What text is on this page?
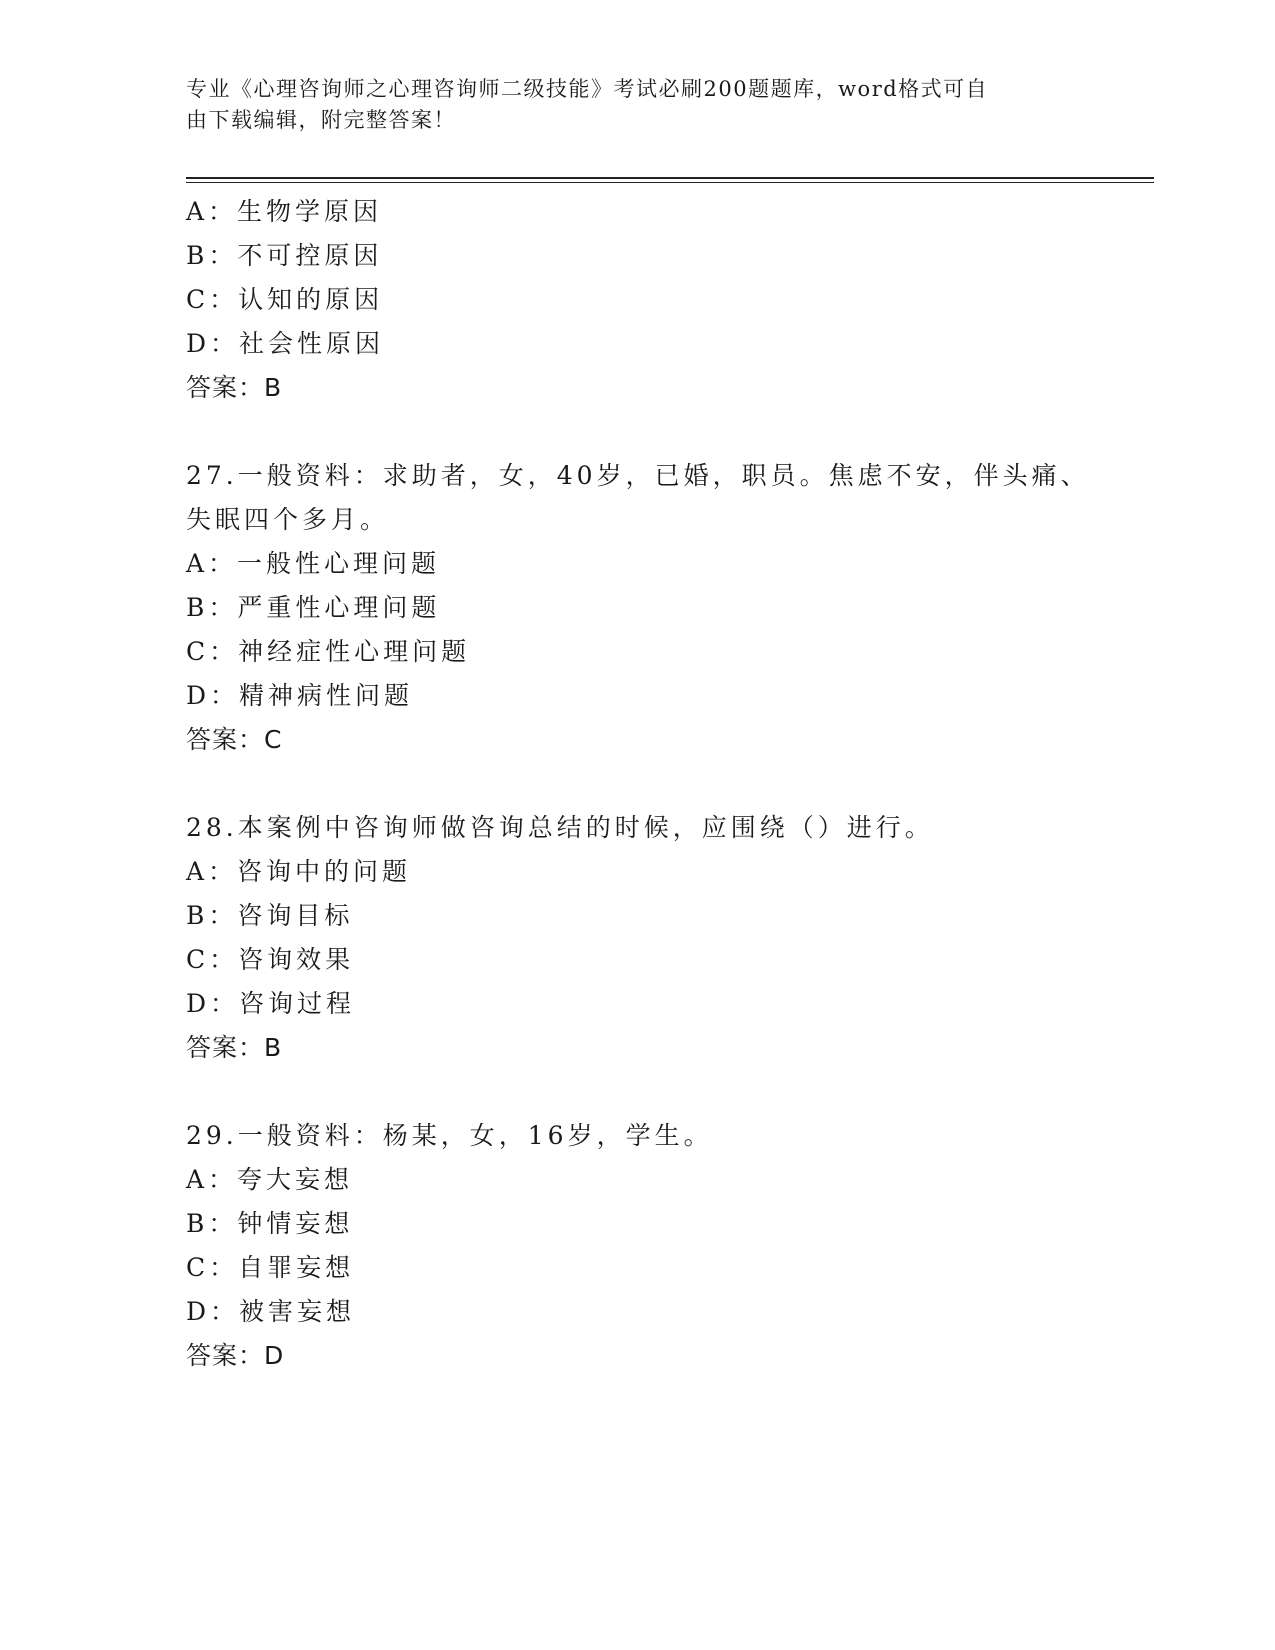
专业《心理咨询师之心理咨询师二级技能》考试必刷200题题库，word格式可自
由下载编辑，附完整答案！
A：生物学原因
B：不可控原因
C：认知的原因
D：社会性原因
答案：B
27.一般资料：求助者，女，40岁，已婚，职员。焦虑不安，伴头痛、
失眠四个多月。
A：一般性心理问题
B：严重性心理问题
C：神经症性心理问题
D：精神病性问题
答案：C
28.本案例中咨询师做咨询总结的时候，应围绕（）进行。
A：咨询中的问题
B：咨询目标
C：咨询效果
D：咨询过程
答案：B
29.一般资料：杨某，女，16岁，学生。
A：夸大妄想
B：钟情妄想
C：自罪妄想
D：被害妄想
答案：D
